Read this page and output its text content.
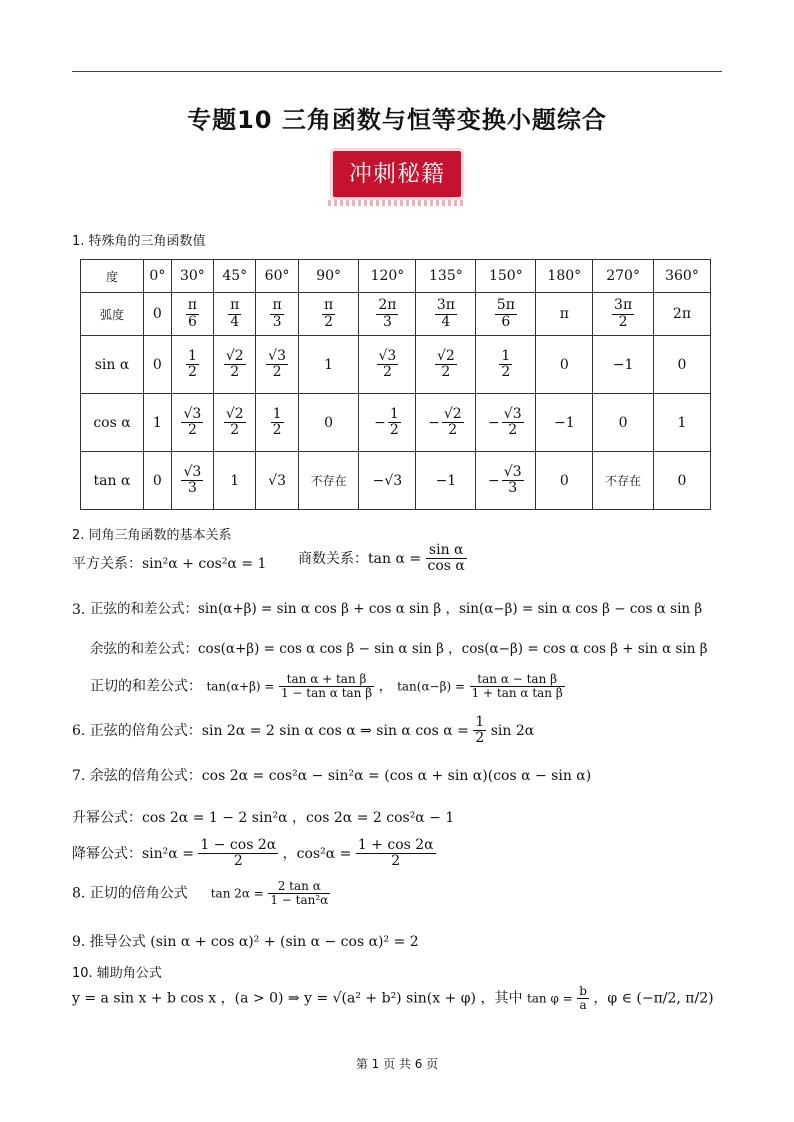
专题10 三角函数与恒等变换小题综合
冲刺秘籍
1. 特殊角的三角函数值
度	0°	30°	45°	60°	90°	120°	135°	150°	180°	270°	360°
弧度	0	$\frac{\pi}{6}$	$\frac{\pi}{4}$	$\frac{\pi}{3}$	$\frac{\pi}{2}$	$\frac{2\pi}{3}$	$\frac{3\pi}{4}$	$\frac{5\pi}{6}$	π	$\frac{3\pi}{2}$	2π
sin α	0	$\frac{1}{2}$	$\frac{√2}{2}$	$\frac{√3}{2}$	1	$\frac{√3}{2}$	$\frac{√2}{2}$	$\frac{1}{2}$	0	−1	0
cos α	1	$\frac{√3}{2}$	$\frac{√2}{2}$	$\frac{1}{2}$	0	− $\frac{1}{2}$	− $\frac{√2}{2}$	− $\frac{√3}{2}$	−1	0	1
tan α	0	$\frac{√3}{3}$	1	√3	不存在	−√3	−1	− $\frac{√3}{3}$	0	不存在	0
2. 同角三角函数的基本关系
平方关系：sin²α + cos²α = 1 商数关系：$\tan \alpha = \frac{\text{sin α}}{\text{cos α}}$
3. 正弦的和差公式：sin(α+β) = sin α cos β + cos α sin β ，sin(α−β) = sin α cos β − cos α sin β
余弦的和差公式：cos(α+β) = cos α cos β − sin α sin β ，cos(α−β) = cos α cos β + sin α sin β
正切的和差公式： $\tan(\alpha+\beta) = \frac{\text{tan α + tan β}}{\text{1 − tan α tan β}}$ ， $\tan(\alpha-\beta) = \frac{\text{tan α − tan β}}{\text{1 + tan α tan β}}$
6. 正弦的倍角公式：sin 2α = 2 sin α cos α ⇒ sin α $\cos \alpha = \frac{1}{2}$ sin 2α
7. 余弦的倍角公式：cos 2α = cos²α − sin²α = (cos α + sin α)(cos α − sin α)
升幂公式：cos 2α = 1 − 2 sin²α ，cos 2α = 2 cos²α − 1
降幂公式：$\sin^2\alpha = \frac{1 - \cos 2\alpha}{2}$ ，$\cos^2\alpha = \frac{1 + \cos 2\alpha}{2}$
8. 正切的倍角公式 $\tan 2\alpha = \frac{\text{2 tan α}}{\text{1 − tan²α}}$
9. 推导公式 (sin α + cos α)² + (sin α − cos α)² = 2
10. 辅助角公式
y = a sin x + b cos x ，(a > 0) ⇒ y = √(a² + b²) sin(x + φ) ，其中 $\tan \varphi = \frac{b}{a}$ ，φ ∈ (−π/2, π/2)
第 1 页 共 6 页
